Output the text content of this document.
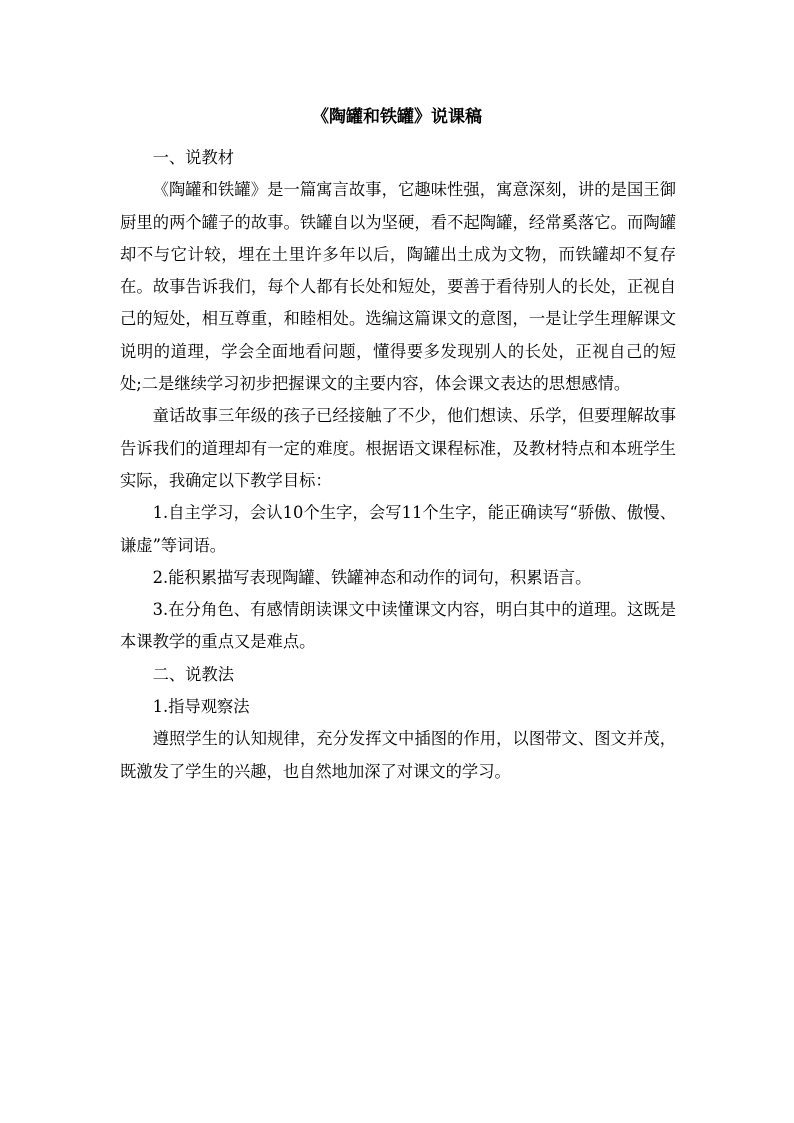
《陶罐和铁罐》说课稿

一、说教材

《陶罐和铁罐》是一篇寓言故事，它趣味性强，寓意深刻，讲的是国王御厨里的两个罐子的故事。铁罐自以为坚硬，看不起陶罐，经常奚落它。而陶罐却不与它计较，埋在土里许多年以后，陶罐出土成为文物，而铁罐却不复存在。故事告诉我们，每个人都有长处和短处，要善于看待别人的长处，正视自己的短处，相互尊重，和睦相处。选编这篇课文的意图，一是让学生理解课文说明的道理，学会全面地看问题，懂得要多发现别人的长处，正视自己的短处;二是继续学习初步把握课文的主要内容，体会课文表达的思想感情。

童话故事三年级的孩子已经接触了不少，他们想读、乐学，但要理解故事告诉我们的道理却有一定的难度。根据语文课程标准，及教材特点和本班学生实际，我确定以下教学目标：

1.自主学习，会认10个生字，会写11个生字，能正确读写“骄傲、傲慢、谦虚”等词语。

2.能积累描写表现陶罐、铁罐神态和动作的词句，积累语言。

3.在分角色、有感情朗读课文中读懂课文内容，明白其中的道理。这既是本课教学的重点又是难点。

二、说教法

1.指导观察法

遵照学生的认知规律，充分发挥文中插图的作用，以图带文、图文并茂，既激发了学生的兴趣，也自然地加深了对课文的学习。
